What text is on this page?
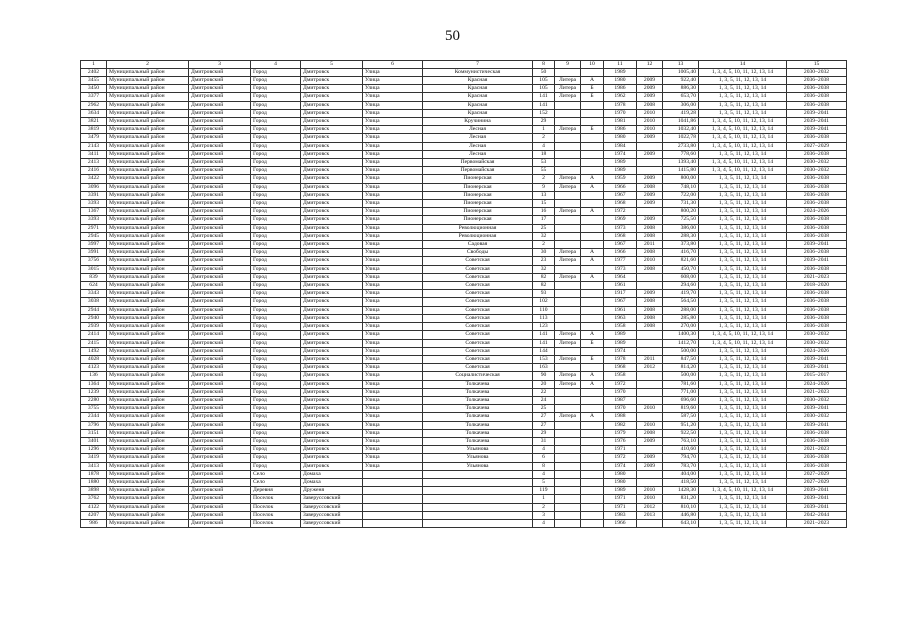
50
1	2	3	4	5	6	7	8	9	10	11	12	13	14	15
2402	Муниципальный район	Дмитровский	Город	Дмитровск	Улица	Коммунистическая	50			1989		1005,40	1, 3, 4, 5, 10, 11, 12, 13, 14	2030–2032
3455	Муниципальный район	Дмитровский	Город	Дмитровск	Улица	Красная	105	Литера	А	1980	2009	922,40	1, 3, 5, 11, 12, 13, 14	2036–2038
3450	Муниципальный район	Дмитровский	Город	Дмитровск	Улица	Красная	105	Литера	Б	1986	2009	886,30	1, 3, 5, 11, 12, 13, 14	2036–2038
3377	Муниципальный район	Дмитровский	Город	Дмитровск	Улица	Красная	141	Литера	Б	1962	2009	653,70	1, 3, 5, 11, 12, 13, 14	2036–2038
2962	Муниципальный район	Дмитровский	Город	Дмитровск	Улица	Красная	141			1978	2008	306,00	1, 3, 5, 11, 12, 13, 14	2036–2038
3634	Муниципальный район	Дмитровский	Город	Дмитровск	Улица	Красная	152			1970	2010	419,28	1, 3, 5, 11, 12, 13, 14	2039–2041
3821	Муниципальный район	Дмитровский	Город	Дмитровск	Улица	Кручинина	29			1981	2010	1041,86	1, 3, 4, 5, 10, 11, 12, 13, 14	2039–2041
3819	Муниципальный район	Дмитровский	Город	Дмитровск	Улица	Лесная	1	Литера	Б	1986	2010	1032,40	1, 3, 4, 5, 10, 11, 12, 13, 14	2039–2041
3479	Муниципальный район	Дмитровский	Город	Дмитровск	Улица	Лесная	2			1980	2009	1022,78	1, 3, 4, 5, 10, 11, 12, 13, 14	2036–2038
2143	Муниципальный район	Дмитровский	Город	Дмитровск	Улица	Лесная	4			1984		2733,80	1, 3, 4, 5, 10, 11, 12, 13, 14	2027–2029
3411	Муниципальный район	Дмитровский	Город	Дмитровск	Улица	Лесная	18			1974	2009	778,60	1, 3, 5, 11, 12, 13, 14	2036–2038
2413	Муниципальный район	Дмитровский	Город	Дмитровск	Улица	Первомайская	53			1989		1393,40	1, 3, 4, 5, 10, 11, 12, 13, 14	2030–2032
2416	Муниципальный район	Дмитровский	Город	Дмитровск	Улица	Первомайская	55			1989		1415,80	1, 3, 4, 5, 10, 11, 12, 13, 14	2030–2032
3422	Муниципальный район	Дмитровский	Город	Дмитровск	Улица	Пионерская	2	Литера	А	1959	2009	800,00	1, 3, 5, 11, 12, 13, 14	2036–2038
3096	Муниципальный район	Дмитровский	Город	Дмитровск	Улица	Пионерская	9	Литера	А	1966	2008	748,10	1, 3, 5, 11, 12, 13, 14	2036–2038
3391	Муниципальный район	Дмитровский	Город	Дмитровск	Улица	Пионерская	13			1967	2009	722,00	1, 3, 5, 11, 12, 13, 14	2036–2038
3393	Муниципальный район	Дмитровский	Город	Дмитровск	Улица	Пионерская	15			1968	2009	731,30	1, 3, 5, 11, 12, 13, 14	2036–2038
1367	Муниципальный район	Дмитровский	Город	Дмитровск	Улица	Пионерская	16	Литера	А	1972		800,20	1, 3, 5, 11, 12, 13, 14	2024–2026
3393	Муниципальный район	Дмитровский	Город	Дмитровск	Улица	Пионерская	17			1969	2009	725,50	1, 3, 5, 11, 12, 13, 14	2036–2038
2971	Муниципальный район	Дмитровский	Город	Дмитровск	Улица	Революционная	25			1973	2008	386,00	1, 3, 5, 11, 12, 13, 14	2036–2038
2945	Муниципальный район	Дмитровский	Город	Дмитровск	Улица	Революционная	32			1968	2008	288,30	1, 3, 5, 11, 12, 13, 14	2036–2038
3997	Муниципальный район	Дмитровский	Город	Дмитровск	Улица	Садовая	2			1967	2011	373,80	1, 3, 5, 11, 12, 13, 14	2039–2041
3991	Муниципальный район	Дмитровский	Город	Дмитровск	Улица	Свободы	30	Литера	А	1966	2008	416,70	1, 3, 5, 11, 12, 13, 14	2036–2038
3756	Муниципальный район	Дмитровский	Город	Дмитровск	Улица	Советская	23	Литера	А	1977	2010	821,60	1, 3, 5, 11, 12, 13, 14	2039–2041
3015	Муниципальный район	Дмитровский	Город	Дмитровск	Улица	Советская	32			1973	2008	450,70	1, 3, 5, 11, 12, 13, 14	2036–2038
839	Муниципальный район	Дмитровский	Город	Дмитровск	Улица	Советская	82	Литера	А	1964		608,00	1, 3, 5, 11, 12, 13, 14	2021–2023
624	Муниципальный район	Дмитровский	Город	Дмитровск	Улица	Советская	82			1961		294,60	1, 3, 5, 11, 12, 13, 14	2018–2020
3343	Муниципальный район	Дмитровский	Город	Дмитровск	Улица	Советская	93			1917	2009	419,70	1, 3, 5, 11, 12, 13, 14	2036–2038
3038	Муниципальный район	Дмитровский	Город	Дмитровск	Улица	Советская	102			1967	2008	564,50	1, 3, 5, 11, 12, 13, 14	2036–2038
2944	Муниципальный район	Дмитровский	Город	Дмитровск	Улица	Советская	110			1961	2008	288,00	1, 3, 5, 11, 12, 13, 14	2036–2038
2940	Муниципальный район	Дмитровский	Город	Дмитровск	Улица	Советская	113			1963	2008	285,80	1, 3, 5, 11, 12, 13, 14	2036–2038
2939	Муниципальный район	Дмитровский	Город	Дмитровск	Улица	Советская	123			1958	2008	270,00	1, 3, 5, 11, 12, 13, 14	2036–2038
2414	Муниципальный район	Дмитровский	Город	Дмитровск	Улица	Советская	141	Литера	А	1989		1400,30	1, 3, 4, 5, 10, 11, 12, 13, 14	2030–2032
2415	Муниципальный район	Дмитровский	Город	Дмитровск	Улица	Советская	141	Литера	Б	1989		1412,70	1, 3, 4, 5, 10, 11, 12, 13, 14	2030–2032
1492	Муниципальный район	Дмитровский	Город	Дмитровск	Улица	Советская	144			1974		500,00	1, 3, 5, 11, 12, 13, 14	2024–2026
4028	Муниципальный район	Дмитровский	Город	Дмитровск	Улица	Советская	153	Литера	Б	1978	2011	847,50	1, 3, 5, 11, 12, 13, 14	2039–2041
4123	Муниципальный район	Дмитровский	Город	Дмитровск	Улица	Советская	163			1968	2012	814,20	1, 3, 5, 11, 12, 13, 14	2039–2041
136	Муниципальный район	Дмитровский	Город	Дмитровск	Улица	Социалистическая	90	Литера	А	1958		500,00	1, 3, 5, 11, 12, 13, 14	2015–2017
1364	Муниципальный район	Дмитровский	Город	Дмитровск	Улица	Толкачева	20	Литера	А	1972		781,60	1, 3, 5, 11, 12, 13, 14	2024–2026
1239	Муниципальный район	Дмитровский	Город	Дмитровск	Улица	Толкачева	22			1970		771,00	1, 3, 5, 11, 12, 13, 14	2021–2023
2280	Муниципальный район	Дмитровский	Город	Дмитровск	Улица	Толкачева	24			1987		696,60	1, 3, 5, 11, 12, 13, 14	2030–2032
3755	Муниципальный район	Дмитровский	Город	Дмитровск	Улица	Толкачева	25			1970	2010	819,60	1, 3, 5, 11, 12, 13, 14	2039–2041
2344	Муниципальный район	Дмитровский	Город	Дмитровск	Улица	Толкачева	27	Литера	А	1988		587,50	1, 3, 5, 11, 12, 13, 14	2030–2032
3796	Муниципальный район	Дмитровский	Город	Дмитровск	Улица	Толкачева	27			1982	2010	951,20	1, 3, 5, 11, 12, 13, 14	2039–2041
3151	Муниципальный район	Дмитровский	Город	Дмитровск	Улица	Толкачева	29			1979	2008	922,50	1, 3, 5, 11, 12, 13, 14	2036–2038
3401	Муниципальный район	Дмитровский	Город	Дмитровск	Улица	Толкачева	31			1976	2009	763,10	1, 3, 5, 11, 12, 13, 14	2036–2038
1296	Муниципальный район	Дмитровский	Город	Дмитровск	Улица	Ульянова	4			1971		410,60	1, 3, 5, 11, 12, 13, 14	2021–2023
3419	Муниципальный район	Дмитровский	Город	Дмитровск	Улица	Ульянова	6			1972	2009	794,70	1, 3, 5, 11, 12, 13, 14	2036–2038
3413	Муниципальный район	Дмитровский	Город	Дмитровск	Улица	Ульянова	8			1974	2009	783,70	1, 3, 5, 11, 12, 13, 14	2036–2038
1878	Муниципальный район	Дмитровский	Село	Домаха			4			1980		404,00	1, 3, 5, 11, 12, 13, 14	2027–2029
1880	Муниципальный район	Дмитровский	Село	Домаха			5			1980		418,50	1, 3, 5, 11, 12, 13, 14	2027–2029
3898	Муниципальный район	Дмитровский	Деревня	Друженя			119			1989	2010	1428,30	1, 3, 4, 5, 10, 11, 12, 13, 14	2039–2041
3762	Муниципальный район	Дмитровский	Поселок	Заверуссовский			1			1971	2010	831,20	1, 3, 5, 11, 12, 13, 14	2039–2041
4122	Муниципальный район	Дмитровский	Поселок	Заверуссовский			2			1971	2012	810,10	1, 3, 5, 11, 12, 13, 14	2039–2041
4207	Муниципальный район	Дмитровский	Поселок	Заверуссовский			3			1983	2013	446,80	1, 3, 5, 11, 12, 13, 14	2042–2044
986	Муниципальный район	Дмитровский	Поселок	Заверуссовский			4			1966		643,10	1, 3, 5, 11, 12, 13, 14	2021–2023
